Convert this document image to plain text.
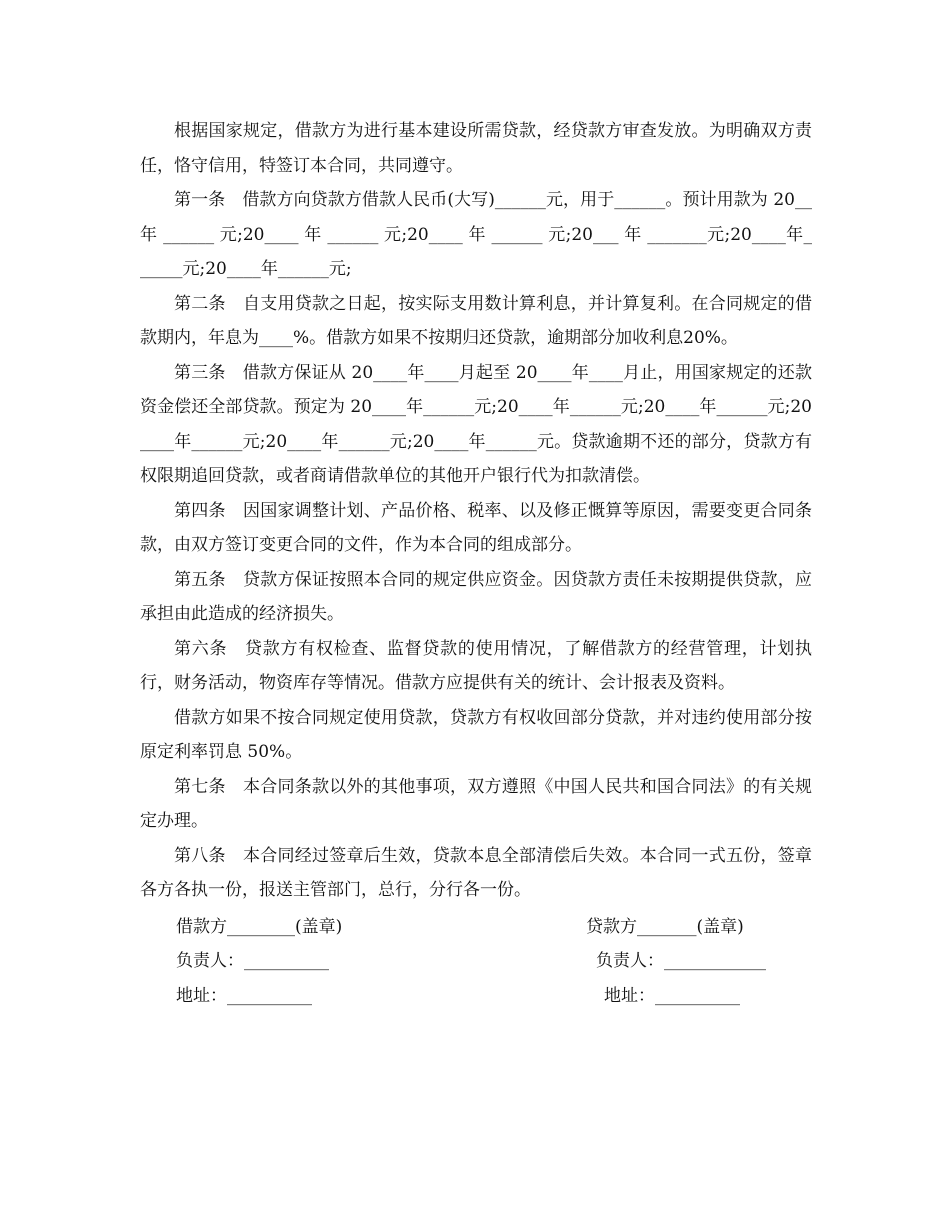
根据国家规定，借款方为进行基本建设所需贷款，经贷款方审查发放。为明确双方责任，恪守信用，特签订本合同，共同遵守。

第一条　借款方向贷款方借款人民币(大写)______元，用于______。预计用款为 20__ 年 ______ 元;20____ 年 ______ 元;20____ 年 ______ 元;20___ 年 _______元;20____年______元;20____年______元;

第二条　自支用贷款之日起，按实际支用数计算利息，并计算复利。在合同规定的借款期内，年息为____%。借款方如果不按期归还贷款，逾期部分加收利息20%。

第三条　借款方保证从 20____年____月起至 20____年____月止，用国家规定的还款资金偿还全部贷款。预定为 20____年______元;20____年______元;20____年______元;20____年______元;20____年______元;20____年______元。贷款逾期不还的部分，贷款方有权限期追回贷款，或者商请借款单位的其他开户银行代为扣款清偿。

第四条　因国家调整计划、产品价格、税率、以及修正慨算等原因，需要变更合同条款，由双方签订变更合同的文件，作为本合同的组成部分。

第五条　贷款方保证按照本合同的规定供应资金。因贷款方责任未按期提供贷款，应承担由此造成的经济损失。

第六条　贷款方有权检查、监督贷款的使用情况，了解借款方的经营管理，计划执行，财务活动，物资库存等情况。借款方应提供有关的统计、会计报表及资料。

借款方如果不按合同规定使用贷款，贷款方有权收回部分贷款，并对违约使用部分按原定利率罚息 50%。

第七条　本合同条款以外的其他事项，双方遵照《中国人民共和国合同法》的有关规定办理。

第八条　本合同经过签章后生效，贷款本息全部清偿后失效。本合同一式五份，签章各方各执一份，报送主管部门，总行，分行各一份。

借款方________(盖章)	贷款方_______(盖章)
负责人：__________	负责人：____________
地址：__________	地址：__________
